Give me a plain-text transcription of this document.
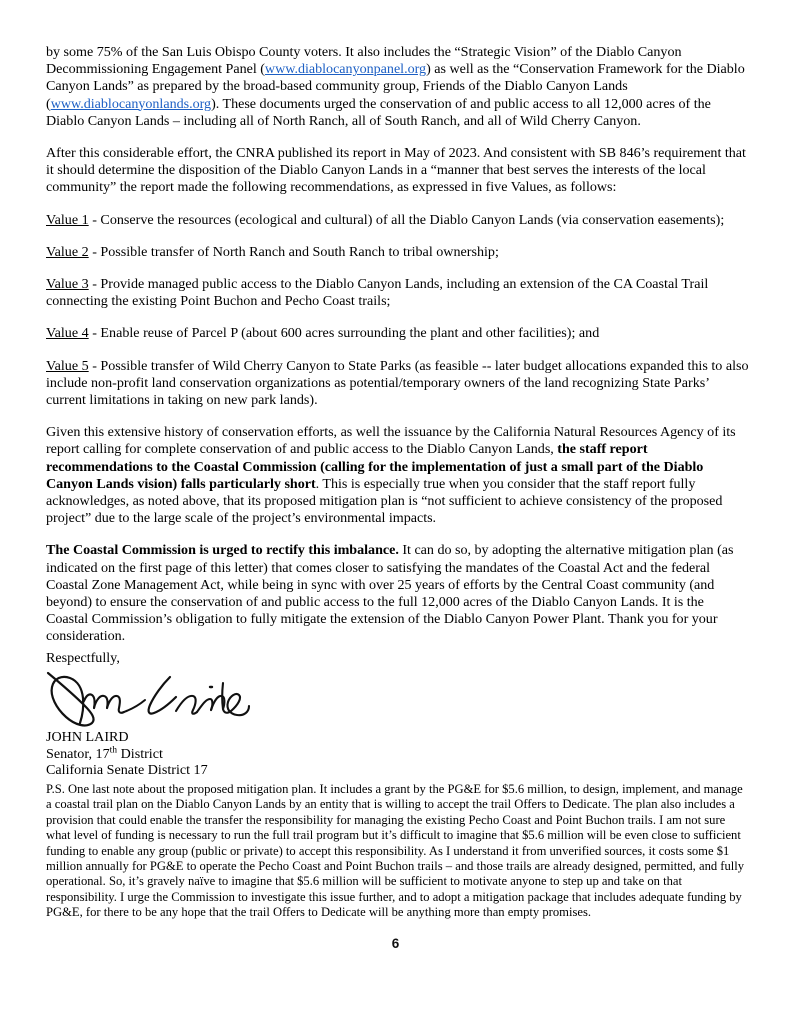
by some 75% of the San Luis Obispo County voters. It also includes the “Strategic Vision” of the Diablo Canyon Decommissioning Engagement Panel (www.diablocanyonpanel.org) as well as the “Conservation Framework for the Diablo Canyon Lands” as prepared by the broad-based community group, Friends of the Diablo Canyon Lands (www.diablocanyonlands.org). These documents urged the conservation of and public access to all 12,000 acres of the Diablo Canyon Lands – including all of North Ranch, all of South Ranch, and all of Wild Cherry Canyon.

After this considerable effort, the CNRA published its report in May of 2023. And consistent with SB 846’s requirement that it should determine the disposition of the Diablo Canyon Lands in a “manner that best serves the interests of the local community” the report made the following recommendations, as expressed in five Values, as follows:

Value 1 - Conserve the resources (ecological and cultural) of all the Diablo Canyon Lands (via conservation easements);

Value 2 - Possible transfer of North Ranch and South Ranch to tribal ownership;

Value 3 - Provide managed public access to the Diablo Canyon Lands, including an extension of the CA Coastal Trail connecting the existing Point Buchon and Pecho Coast trails;

Value 4 - Enable reuse of Parcel P (about 600 acres surrounding the plant and other facilities); and

Value 5 - Possible transfer of Wild Cherry Canyon to State Parks (as feasible -- later budget allocations expanded this to also include non-profit land conservation organizations as potential/temporary owners of the land recognizing State Parks’ current limitations in taking on new park lands).

Given this extensive history of conservation efforts, as well the issuance by the California Natural Resources Agency of its report calling for complete conservation of and public access to the Diablo Canyon Lands, the staff report recommendations to the Coastal Commission (calling for the implementation of just a small part of the Diablo Canyon Lands vision) falls particularly short. This is especially true when you consider that the staff report fully acknowledges, as noted above, that its proposed mitigation plan is “not sufficient to achieve consistency of the proposed project” due to the large scale of the project’s environmental impacts.

The Coastal Commission is urged to rectify this imbalance. It can do so, by adopting the alternative mitigation plan (as indicated on the first page of this letter) that comes closer to satisfying the mandates of the Coastal Act and the federal Coastal Zone Management Act, while being in sync with over 25 years of efforts by the Central Coast community (and beyond) to ensure the conservation of and public access to the full 12,000 acres of the Diablo Canyon Lands. It is the Coastal Commission’s obligation to fully mitigate the extension of the Diablo Canyon Power Plant. Thank you for your consideration.

Respectfully,

JOHN LAIRD
Senator, 17th District
California Senate District 17

P.S. One last note about the proposed mitigation plan. It includes a grant by the PG&E for $5.6 million, to design, implement, and manage a coastal trail plan on the Diablo Canyon Lands by an entity that is willing to accept the trail Offers to Dedicate. The plan also includes a provision that could enable the transfer the responsibility for managing the existing Pecho Coast and Point Buchon trails. I am not sure what level of funding is necessary to run the full trail program but it’s difficult to imagine that $5.6 million will be even close to sufficient funding to enable any group (public or private) to accept this responsibility. As I understand it from unverified sources, it costs some $1 million annually for PG&E to operate the Pecho Coast and Point Buchon trails – and those trails are already designed, permitted, and fully operational. So, it’s gravely naïve to imagine that $5.6 million will be sufficient to motivate anyone to step up and take on that responsibility. I urge the Commission to investigate this issue further, and to adopt a mitigation package that includes adequate funding by PG&E, for there to be any hope that the trail Offers to Dedicate will be anything more than empty promises.

6
